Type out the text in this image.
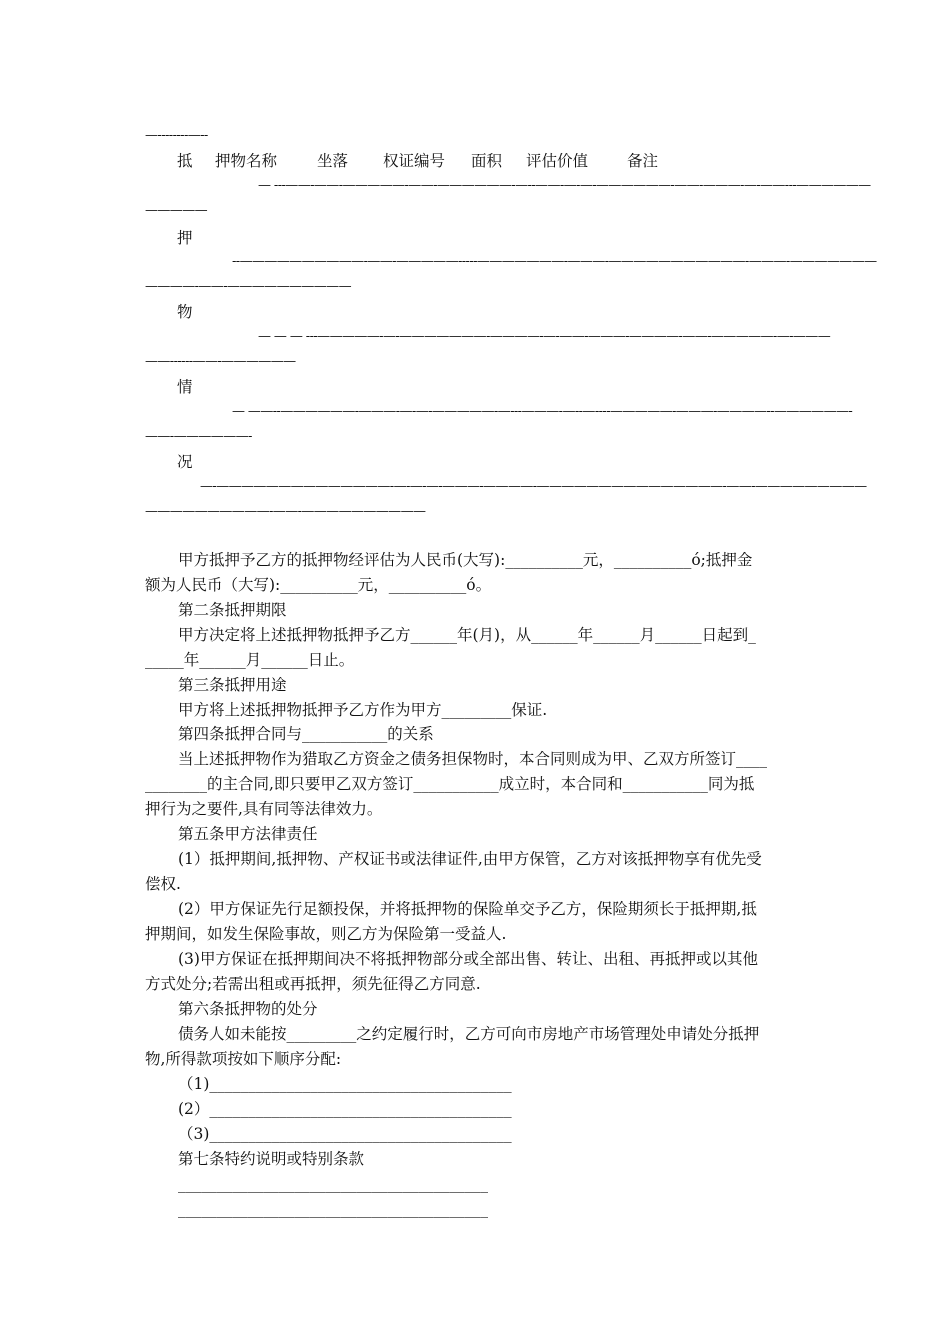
—--------—--
抵 押物名称	坐落 权证编号 面积 评估价值	备注
— ---——-——-—————-——-——————-—--——-—-—-——————-——-———-—-——---——————
—————
押
--——————————-——-—————-----———————-———-———————————-———-———————
————-——-——————————
物
— — — ---—————-—-———————-————-—-——-———-————-——-—————-—-———
——------——-——————
情
— ——--——————-———-—-—-—————-—---———-—--—----—————-———-————--——————-
——-——————-
况
—-——————————————-—-—-—-———-————-———————————————-——-—————————
——————————-——-——————————
甲方抵押予乙方的抵押物经评估为人民币(大写):__________元，__________ó;抵押金
额为人民币（大写):__________元，__________ó。
第二条抵押期限
甲方决定将上述抵押物抵押予乙方______年(月)，从______年______月______日起到_
_____年______月______日止。
第三条抵押用途
甲方将上述抵押物抵押予乙方作为甲方_________保证.
第四条抵押合同与___________的关系
当上述抵押物作为猎取乙方资金之债务担保物时，本合同则成为甲、乙双方所签订____
________的主合同,即只要甲乙双方签订___________成立时，本合同和___________同为抵
押行为之要件,具有同等法律效力。
第五条甲方法律责任
(1）抵押期间,抵押物、产权证书或法律证件,由甲方保管，乙方对该抵押物享有优先受
偿权.
(2）甲方保证先行足额投保，并将抵押物的保险单交予乙方，保险期须长于抵押期,抵
押期间，如发生保险事故，则乙方为保险第一受益人.
(3)甲方保证在抵押期间决不将抵押物部分或全部出售、转让、出租、再抵押或以其他
方式处分;若需出租或再抵押，须先征得乙方同意.
第六条抵押物的处分
债务人如未能按_________之约定履行时，乙方可向市房地产市场管理处申请处分抵押
物,所得款项按如下顺序分配:
（1)_______________________________________
(2）_______________________________________
（3)_______________________________________
第七条特约说明或特别条款
________________________________________
________________________________________
